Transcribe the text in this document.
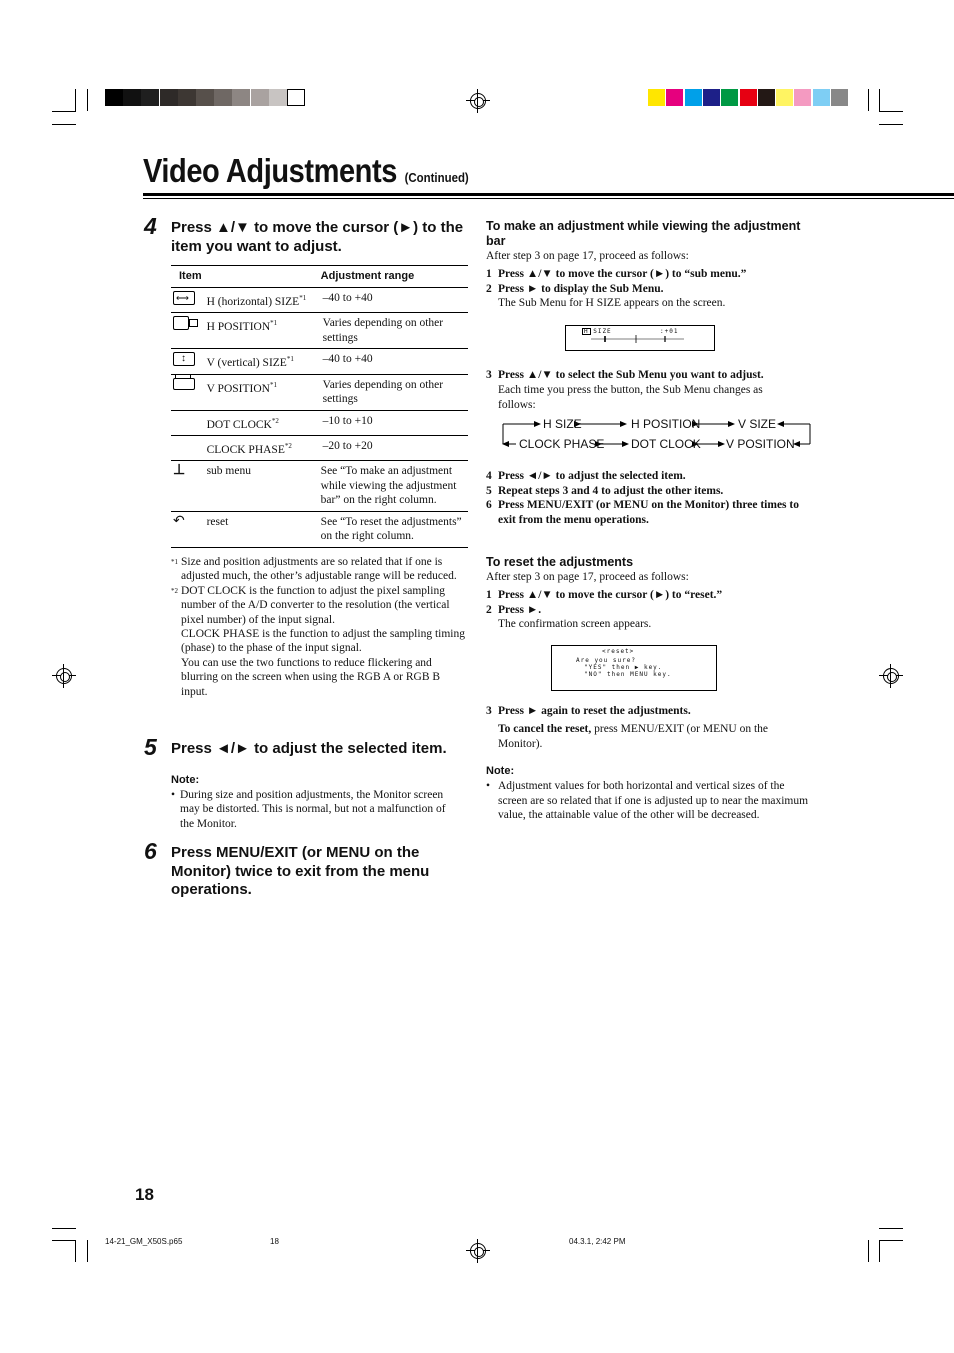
Video Adjustments (Continued)
4 Press ▲/▼ to move the cursor (►) to the
item you want to adjust.
Item		Adjustment range

⟷	H (horizontal) SIZE$^{*1}$	–40 to +40

	H POSITION$^{*1}$	Varies depending on other settings

↕	V (vertical) SIZE$^{*1}$	–40 to +40

	V POSITION$^{*1}$	Varies depending on other settings
	DOT CLOCK$^{*2}$	–10 to +10
	CLOCK PHASE$^{*2}$	–20 to +20
⊥	sub menu	See “To make an adjustment while viewing the adjustment bar” on the right column.
↶	reset	See “To reset the adjustments” on the right column.
*1 Size and position adjustments are so related that if one is adjusted much, the other’s adjustable range will be reduced.
*2 DOT CLOCK is the function to adjust the pixel sampling number of the A/D converter to the resolution (the vertical pixel number) of the input signal.
CLOCK PHASE is the function to adjust the sampling timing (phase) to the phase of the input signal.
You can use the two functions to reduce flickering and blurring on the screen when using the RGB A or RGB B input.
5 Press ◄/► to adjust the selected item.
Note:
• During size and position adjustments, the Monitor screen may be distorted. This is normal, but not a malfunction of the Monitor.
6 Press MENU/EXIT (or MENU on the
Monitor) twice to exit from the menu
operations.
To make an adjustment while viewing the adjustment bar
After step 3 on page 17, proceed as follows:
1 Press ▲/▼ to move the cursor (►) to “sub menu.”
2 Press ► to display the Sub Menu.
The Sub Menu for H SIZE appears on the screen.
H SIZE	:+01
3 Press ▲/▼ to select the Sub Menu you want to adjust.
Each time you press the button, the Sub Menu changes as follows:
H SIZE	H POSITION	V SIZE
CLOCK PHASE DOT CLOCK V POSITION
4 Press ◄/► to adjust the selected item.
5 Repeat steps 3 and 4 to adjust the other items.
6 Press MENU/EXIT (or MENU on the Monitor) three times to exit from the menu operations.
To reset the adjustments
After step 3 on page 17, proceed as follows:
1 Press ▲/▼ to move the cursor (►) to “reset.”
2 Press ►.
The confirmation screen appears.
<reset>
Are you sure?
"YES" then ▶ key.
"NO" then MENU key.
3 Press ► again to reset the adjustments.
To cancel the reset, press MENU/EXIT (or MENU on the Monitor).
Note:
• Adjustment values for both horizontal and vertical sizes of the screen are so related that if one is adjusted up to near the maximum value, the attainable value of the other will be decreased.
18
14-21_GM_X50S.p65	18	04.3.1, 2:42 PM
